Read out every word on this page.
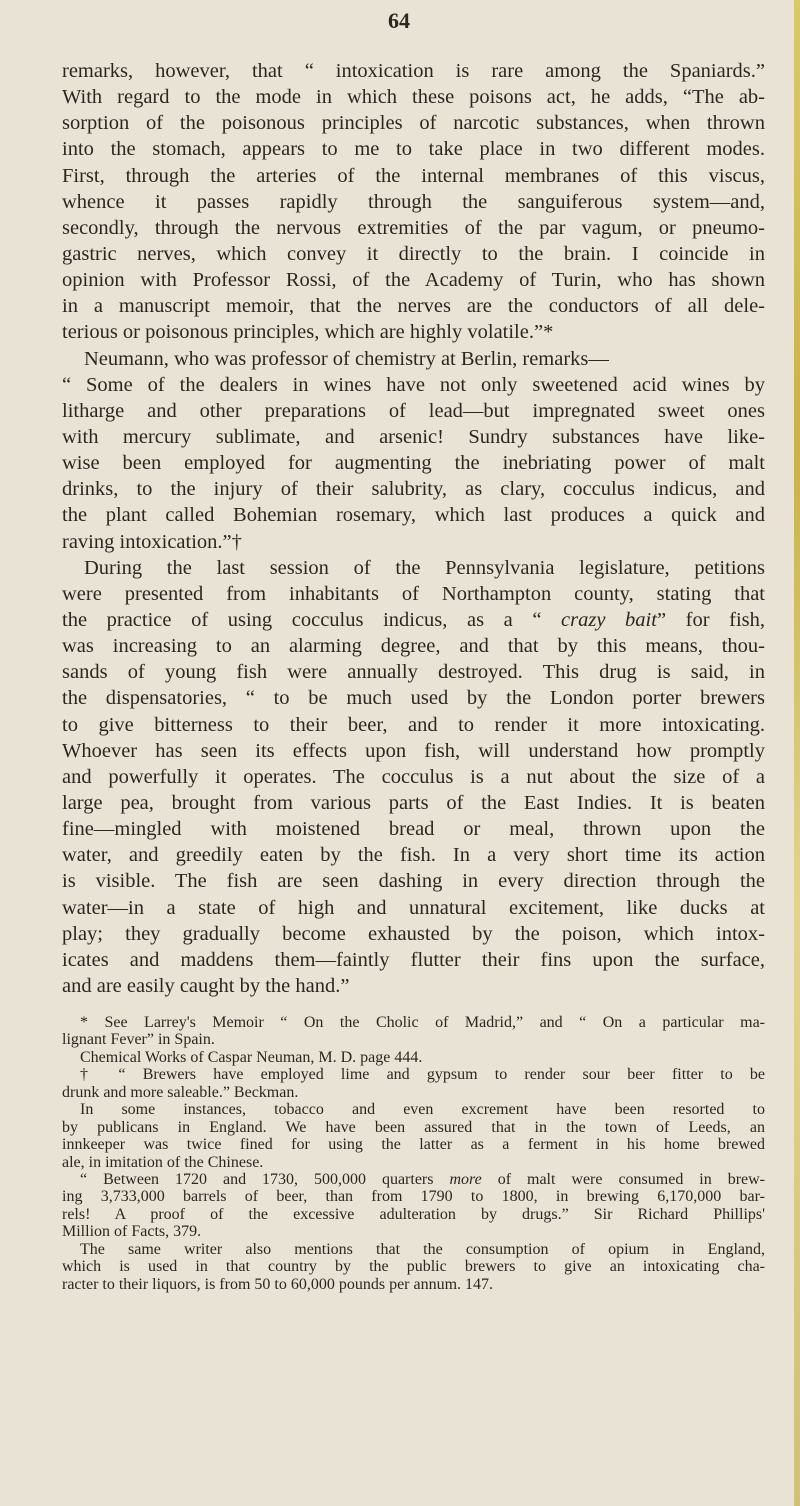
64
remarks, however, that “ intoxication is rare among the Spaniards.”
With regard to the mode in which these poisons act, he adds, “The ab-
sorption of the poisonous principles of narcotic substances, when thrown
into the stomach, appears to me to take place in two different modes.
First, through the arteries of the internal membranes of this viscus,
whence it passes rapidly through the sanguiferous system—and,
secondly, through the nervous extremities of the par vagum, or pneumo-
gastric nerves, which convey it directly to the brain. I coincide in
opinion with Professor Rossi, of the Academy of Turin, who has shown
in a manuscript memoir, that the nerves are the conductors of all dele-
terious or poisonous principles, which are highly volatile.”*
Neumann, who was professor of chemistry at Berlin, remarks—
“ Some of the dealers in wines have not only sweetened acid wines by
litharge and other preparations of lead—but impregnated sweet ones
with mercury sublimate, and arsenic! Sundry substances have like-
wise been employed for augmenting the inebriating power of malt
drinks, to the injury of their salubrity, as clary, cocculus indicus, and
the plant called Bohemian rosemary, which last produces a quick and
raving intoxication.”†
During the last session of the Pennsylvania legislature, petitions
were presented from inhabitants of Northampton county, stating that
the practice of using cocculus indicus, as a “ crazy bait” for fish,
was increasing to an alarming degree, and that by this means, thou-
sands of young fish were annually destroyed. This drug is said, in
the dispensatories, “ to be much used by the London porter brewers
to give bitterness to their beer, and to render it more intoxicating.
Whoever has seen its effects upon fish, will understand how promptly
and powerfully it operates. The cocculus is a nut about the size of a
large pea, brought from various parts of the East Indies. It is beaten
fine—mingled with moistened bread or meal, thrown upon the
water, and greedily eaten by the fish. In a very short time its action
is visible. The fish are seen dashing in every direction through the
water—in a state of high and unnatural excitement, like ducks at
play; they gradually become exhausted by the poison, which intox-
icates and maddens them—faintly flutter their fins upon the surface,
and are easily caught by the hand.”
* See Larrey's Memoir “ On the Cholic of Madrid,” and “ On a particular ma-
lignant Fever” in Spain.
Chemical Works of Caspar Neuman, M. D. page 444.
† “ Brewers have employed lime and gypsum to render sour beer fitter to be
drunk and more saleable.” Beckman.
In some instances, tobacco and even excrement have been resorted to
by publicans in England. We have been assured that in the town of Leeds, an
innkeeper was twice fined for using the latter as a ferment in his home brewed
ale, in imitation of the Chinese.
“ Between 1720 and 1730, 500,000 quarters more of malt were consumed in brew-
ing 3,733,000 barrels of beer, than from 1790 to 1800, in brewing 6,170,000 bar-
rels! A proof of the excessive adulteration by drugs.” Sir Richard Phillips'
Million of Facts, 379.
The same writer also mentions that the consumption of opium in England,
which is used in that country by the public brewers to give an intoxicating cha-
racter to their liquors, is from 50 to 60,000 pounds per annum. 147.
